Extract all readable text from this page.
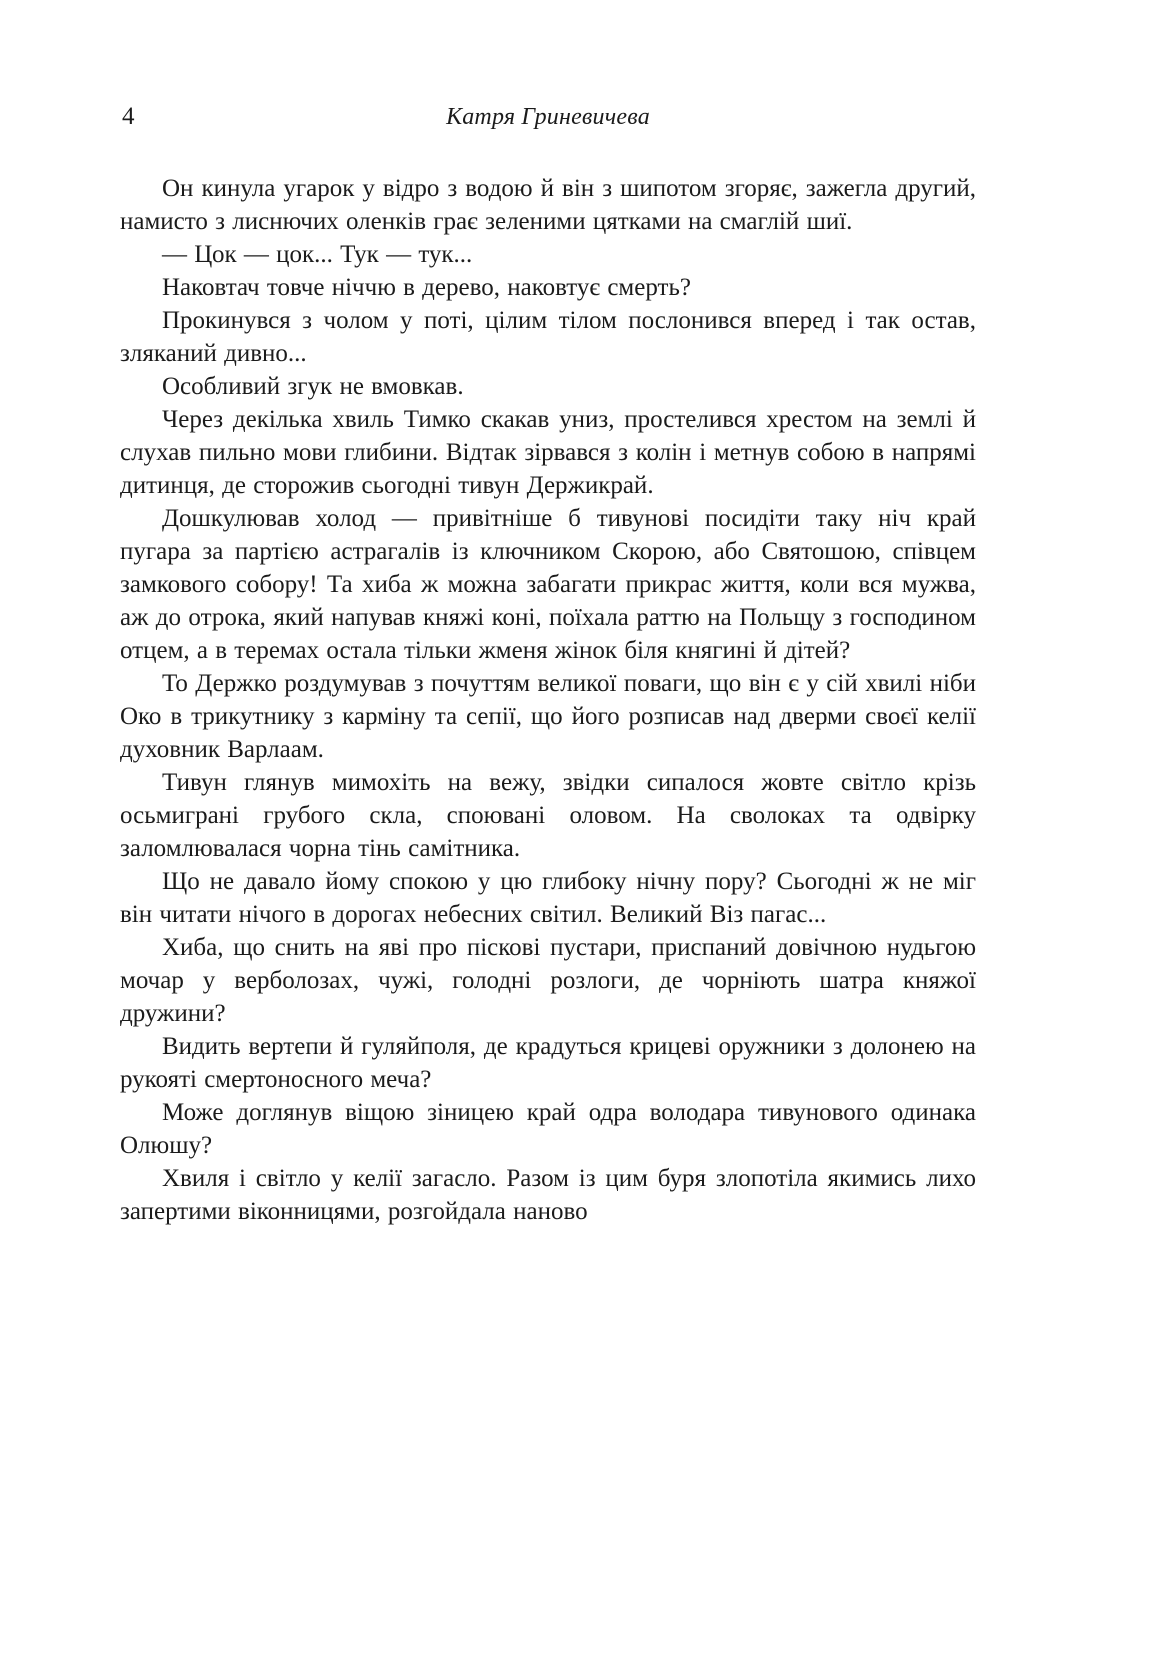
4	Катря Гриневичева

Он кинула угарок у відро з водою й він з шипотом згоряє, зажегла другий, намисто з лиснючих оленків грає зеленими цятками на смаглій шиї.

— Цок — цок... Тук — тук...

Наковтач товче ніччю в дерево, наковтує смерть?

Прокинувся з чолом у поті, цілим тілом послонився вперед і так остав, зляканий дивно...

Особливий згук не вмовкав.

Через декілька хвиль Тимко скакав униз, простелився хрестом на землі й слухав пильно мови глибини. Відтак зірвався з колін і метнув собою в напрямі дитинця, де сторожив сьогодні тивун Держикрай.

Дошкулював холод — привітніше б тивунові посидіти таку ніч край пугара за партією астрагалів із ключником Скорою, або Святошою, співцем замкового собору! Та хиба ж можна забагати прикрас життя, коли вся мужва, аж до отрока, який напував княжі коні, поїхала раттю на Польщу з господином отцем, а в теремах остала тільки жменя жінок біля княгині й дітей?

То Держко роздумував з почуттям великої поваги, що він є у сій хвилі ніби Око в трикутнику з карміну та сепії, що його розписав над дверми своєї келії духовник Варлаам.

Тивун глянув мимохіть на вежу, звідки сипалося жовте світло крізь осьмиграні грубого скла, споювані оловом. На сволоках та одвірку заломлювалася чорна тінь самітника.

Що не давало йому спокою у цю глибоку нічну пору? Сьогодні ж не міг він читати нічого в дорогах небесних світил. Великий Віз пагас...

Хиба, що снить на яві про піскові пустари, приспаний довічною нудьгою мочар у верболозах, чужі, голодні розлоги, де чорніють шатра княжої дружини?

Видить вертепи й гуляйполя, де крадуться крицеві оружники з долонею на рукояті смертоносного меча?

Може доглянув віщою зіницею край одра володара тивунового одинака Олюшу?

Хвиля і світло у келії загасло. Разом із цим буря злопотіла якимись лихо запертими віконницями, розгойдала наново
